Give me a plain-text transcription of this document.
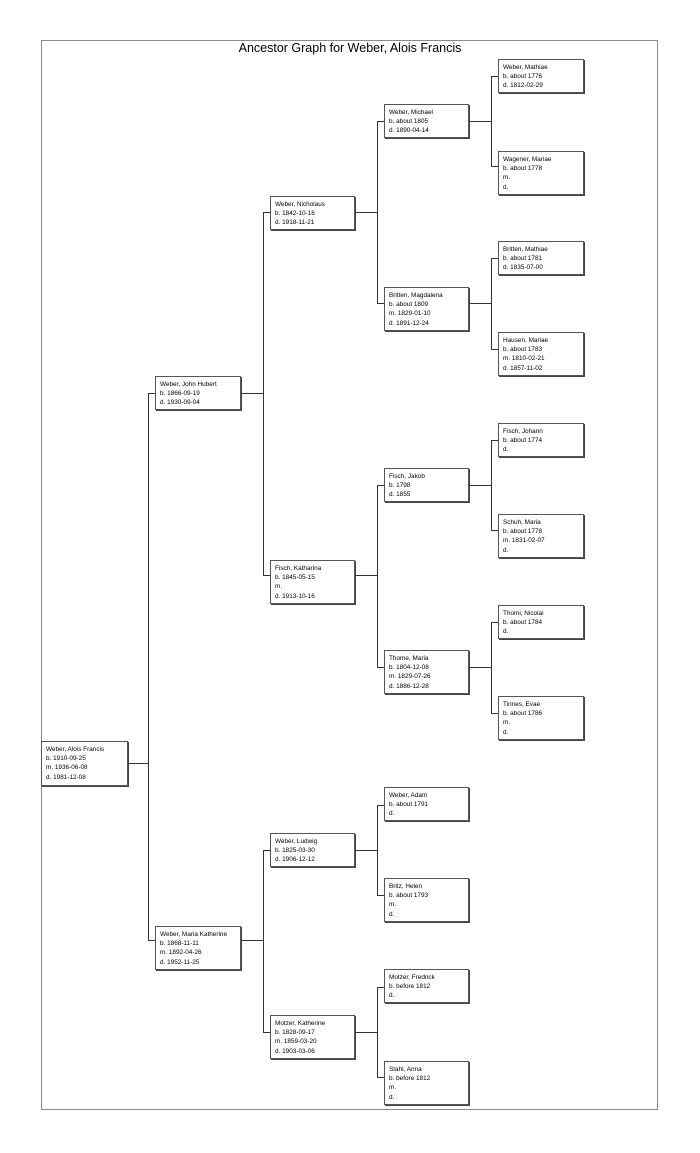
Ancestor Graph for Weber, Alois Francis
Weber, Alois Francis
b. 1910-09-25
m. 1936-06-08
d. 1981-12-08
Weber, John Hubert
b. 1866-09-19
d. 1930-09-04
Weber, Maria Katherine
b. 1868-11-11
m. 1892-04-26
d. 1952-11-25
Weber, Nicholaus
b. 1842-10-16
d. 1918-11-21
Fisch, Katharina
b. 1845-05-15
m.
d. 1913-10-16
Weber, Ludwig
b. 1825-03-30
d. 1906-12-12
Motzer, Katherine
b. 1828-09-17
m. 1859-03-20
d. 1903-03-06
Weber, Michael
b. about 1805
d. 1890-04-14
Britten, Magdalena
b. about 1809
m. 1829-01-10
d. 1891-12-24
Fisch, Jakob
b. 1798
d. 1855
Thome, Maria
b. 1804-12-08
m. 1829-07-26
d. 1886-12-28
Weber, Adam
b. about 1791
d.
Britz, Helen
b. about 1793
m.
d.
Motzer, Fredrick
b. before 1812
d.
Stahl, Anna
b. before 1812
m.
d.
Weber, Mathiae
b. about 1776
d. 1812-02-29
Wagener, Mariae
b. about 1778
m.
d.
Britten, Mathiae
b. about 1781
d. 1835-07-00
Hausen, Mariae
b. about 1783
m. 1810-02-21
d. 1857-11-02
Fisch, Johann
b. about 1774
d.
Schuh, Maria
b. about 1778
m. 1831-02-07
d.
Thomi, Nicolai
b. about 1784
d.
Tinnes, Evae
b. about 1786
m.
d.
